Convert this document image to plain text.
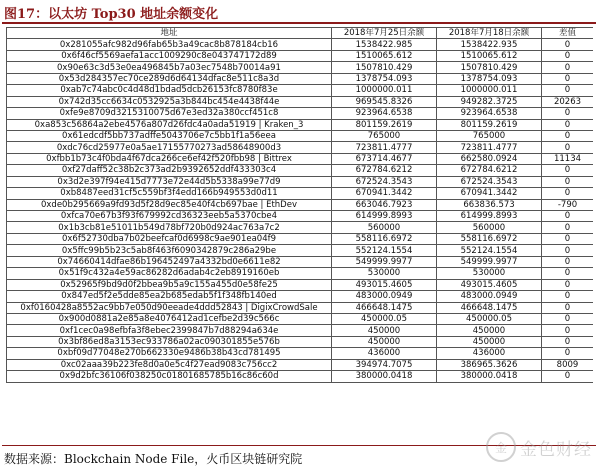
图17：以太坊 Top30 地址余额变化
地址	2018年7月25日余额	2018年7月18日余额	差值
0x281055afc982d96fab65b3a49cac8b878184cb16	1538422.985	1538422.935	0
0x6f46cf5569aefa1acc1009290c8e043747172d89	1510065.612	1510065.612	0
0x90e63c3d53e0ea496845b7a03ec7548b70014a91	1507810.429	1507810.429	0
0x53d284357ec70ce289d6d64134dfac8e511c8a3d	1378754.093	1378754.093	0
0xab7c74abc0c4d48d1bdad5dcb26153fc8780f83e	1000000.011	1000000.011	0
0x742d35cc6634c0532925a3b844bc454e4438f44e	969545.8326	949282.3725	20263
0xfe9e8709d3215310075d67e3ed32a380ccf451c8	923964.6538	923964.6538	0
0xa853c56864a2ebe4576a807d26fdc4a0ada51919 | Kraken_3	801159.2619	801159.2619	0
0x61edcdf5bb737adffe5043706e7c5bb1f1a56eea	765000	765000	0
0xdc76cd25977e0a5ae17155770273ad58648900d3	723811.4777	723811.4777	0
0xfbb1b73c4f0bda4f67dca266ce6ef42f520fbb98 | Bittrex	673714.4677	662580.0924	11134
0xf27daff52c38b2c373ad2b9392652ddf433303c4	672784.6212	672784.6212	0
0x3d2e397f94e415d7773e72e44d5b5338a99e77d9	672524.3543	672524.3543	0
0xb8487eed31cf5c559bf3f4edd166b949553d0d11	670941.3442	670941.3442	0
0xde0b295669a9fd93d5f28d9ec85e40f4cb697bae | EthDev	663046.7923	663836.573	-790
0xfca70e67b3f93f679992cd36323eeb5a5370cbe4	614999.8993	614999.8993	0
0x1b3cb81e51011b549d78bf720b0d924ac763a7c2	560000	560000	0
0x6f52730dba7b02beefcaf0d6998c9ae901ea04f9	558116.6972	558116.6972	0
0x5ffc99b5b23c5ab8f463f6090342879c286a29be	552124.1554	552124.1554	0
0x74660414dfae86b196452497a4332bd0e6611e82	549999.9977	549999.9977	0
0x51f9c432a4e59ac86282d6adab4c2eb8919160eb	530000	530000	0
0x52965f9bd9d0f2bbea9b5a9c155a455d0e58fe25	493015.4605	493015.4605	0
0x847ed5f2e5dde85ea2b685edab5f1f348fb140ed	483000.0949	483000.0949	0
0xf0160428a8552ac9bb7e050d90eeade4ddd52843 | DigixCrowdSale	466648.1475	466648.1475	0
0x900d0881a2e85a8e4076412ad1cefbe2d39c566c	450000.05	450000.05	0
0xf1cec0a98efbfa3f8ebec2399847b7d88294a634e	450000	450000	0
0x3bf86ed8a3153ec933786a02ac090301855e576b	450000	450000	0
0xbf09d77048e270b662330e9486b38b43cd781495	436000	436000	0
0xc02aaa39b223fe8d0a0e5c4f27ead9083c756cc2	394974.7075	386965.3626	8009
0x9d2bfc36106f038250c01801685785b16c86c60d	380000.0418	380000.0418	0
数据来源：Blockchain Node File，火币区块链研究院
金 金色财经
